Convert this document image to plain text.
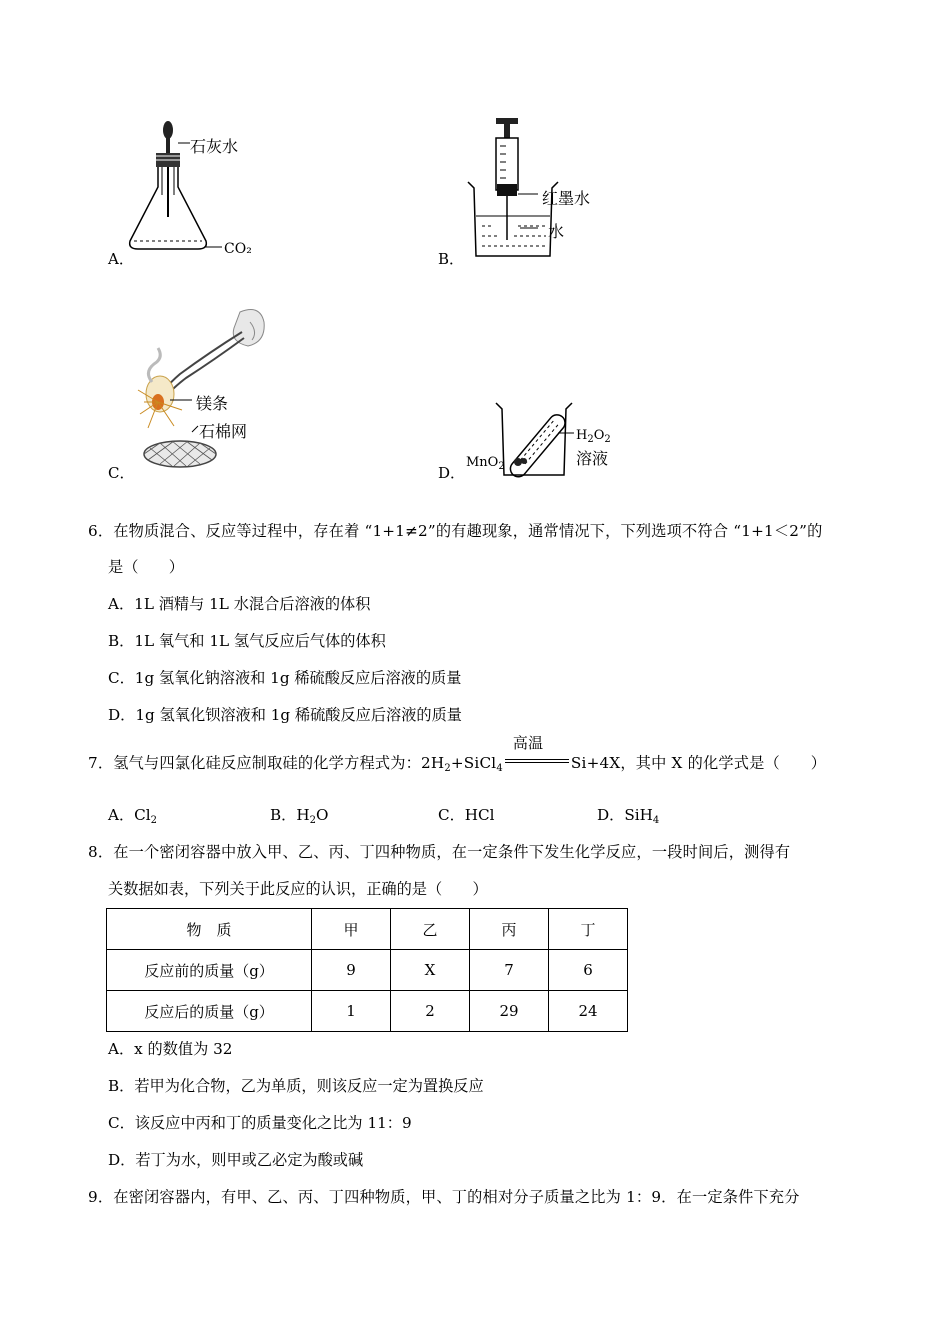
石灰水
CO₂
A．
红墨水
水
B．
镁条
石棉网
C．
MnO$_2$
$H_2O_2$
溶液
D．
6．在物质混合、反应等过程中，存在着 “1+1≠2”的有趣现象，通常情况下，下列选项不符合 “1+1＜2”的
是（　　）
A．1L 酒精与 1L 水混合后溶液的体积
B．1L 氧气和 1L 氢气反应后气体的体积
C．1g 氢氧化钠溶液和 1g 稀硫酸反应后溶液的质量
D．1g 氢氧化钡溶液和 1g 稀硫酸反应后溶液的质量
7．氢气与四氯化硅反应制取硅的化学方程式为：$2H_2+SiCl_4$
高温
Si+4X，其中 X 的化学式是（　　）
A．$Cl_2$	B．$H_2O$	C．HCl	D．SiH$_4$
8．在一个密闭容器中放入甲、乙、丙、丁四种物质，在一定条件下发生化学反应，一段时间后，测得有
关数据如表，下列关于此反应的认识，正确的是（　　）
物　质	甲	乙	丙	丁
反应前的质量（g）	9	X	7	6
反应后的质量（g）	1	2	29	24
A．x 的数值为 32
B．若甲为化合物，乙为单质，则该反应一定为置换反应
C．该反应中丙和丁的质量变化之比为 11：9
D．若丁为水，则甲或乙必定为酸或碱
9．在密闭容器内，有甲、乙、丙、丁四种物质，甲、丁的相对分子质量之比为 1：9．在一定条件下充分
